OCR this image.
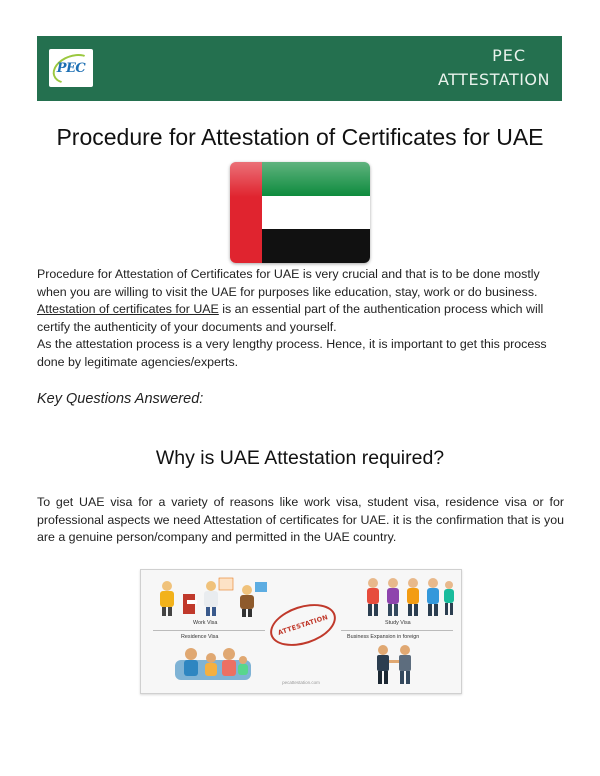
PEC
PEC
ATTESTATION
Procedure for Attestation of Certificates for UAE
Procedure for Attestation of Certificates for UAE is very crucial and that is to be done mostly when you are willing to visit the UAE for purposes like education, stay, work or do business.
Attestation of certificates for UAE is an essential part of the authentication process which will certify the authenticity of your documents and yourself.
As the attestation process is a very lengthy process. Hence, it is important to get this process done by legitimate agencies/experts.
Key Questions Answered:
Why is UAE Attestation required?
To get UAE visa for a variety of reasons like work visa, student visa, residence visa or for professional aspects we need Attestation of certificates for UAE. it is the confirmation that is you are a genuine person/company and permitted in the UAE country.
Work Visa	Study Visa
Residence Visa	Business Expansion in foreign
ATTESTATION
pecattestation.com
